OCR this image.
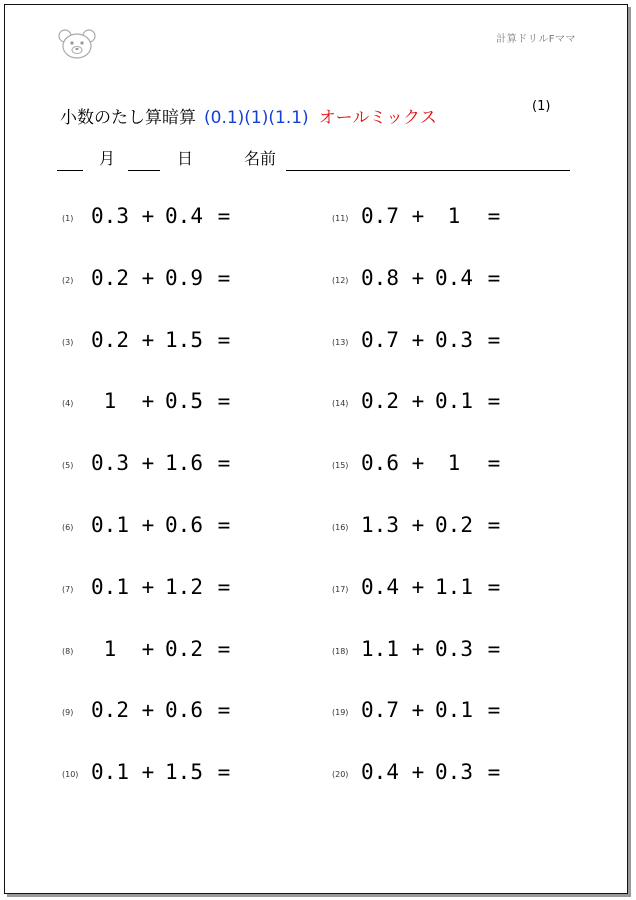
計算ドリルFママ
小数のたし算暗算 (0.1)(1)(1.1) オールミックス
(1)
月	日	名前
(1) 0.3 + 0.4 =
(2) 0.2 + 0.9 =
(3) 0.2 + 1.5 =
(4)	1	+ 0.5 =
(5) 0.3 + 1.6 =
(6) 0.1 + 0.6 =
(7) 0.1 + 1.2 =
(8)	1	+ 0.2 =
(9) 0.2 + 0.6 =
(10) 0.1 + 1.5 =
(11) 0.7 +	1	=
(12) 0.8 + 0.4 =
(13) 0.7 + 0.3 =
(14) 0.2 + 0.1 =
(15) 0.6 +	1	=
(16) 1.3 + 0.2 =
(17) 0.4 + 1.1 =
(18) 1.1 + 0.3 =
(19) 0.7 + 0.1 =
(20) 0.4 + 0.3 =
